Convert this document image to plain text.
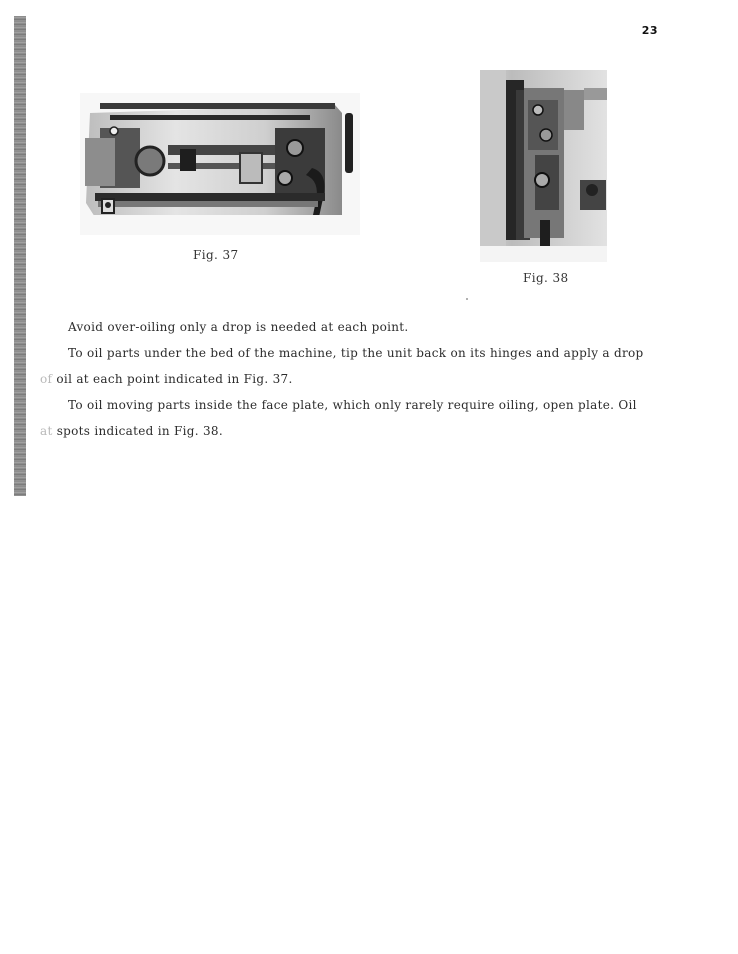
23
Fig. 37
Fig. 38

Avoid over-oiling only a drop is needed at each point.

To oil parts under the bed of the machine, tip the unit back on its hinges and apply a drop

of oil at each point indicated in Fig. 37.

To oil moving parts inside the face plate, which only rarely require oiling, open plate. Oil

at spots indicated in Fig. 38.
